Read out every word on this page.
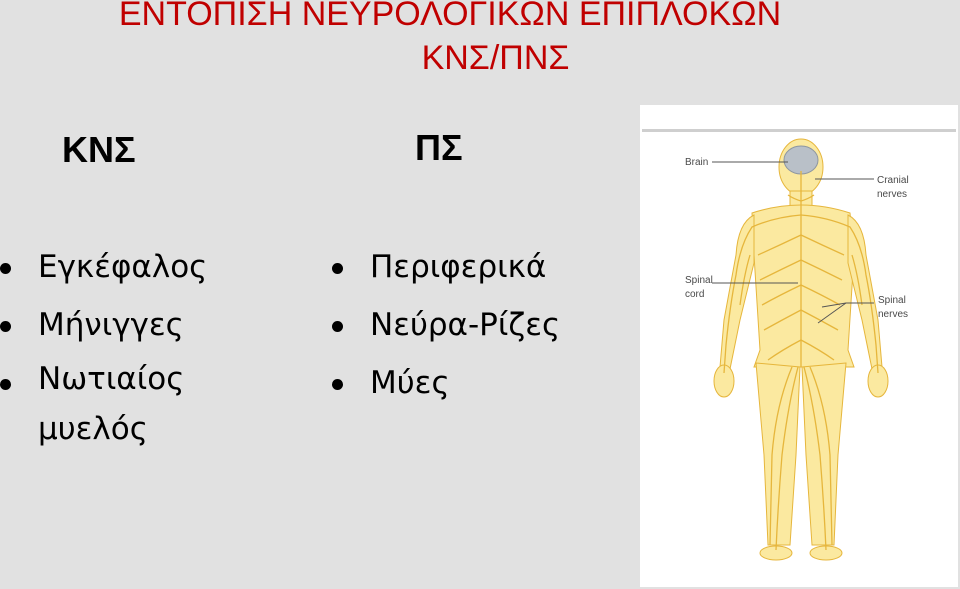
ΕΝΤΟΠΙΣΗ ΝΕΥΡΟΛΟΓΙΚΩΝ ΕΠΙΠΛΟΚΩΝ
ΚΝΣ/ΠΝΣ
ΚΝΣ	ΠΣ
Εγκέφαλος
Μήνιγγες
Νωτιαίος μυελός
Περιφερικά
Νεύρα-Ρίζες
Μύες
Brain
Cranial
nerves
Spinal
cord
Spinal
nerves
